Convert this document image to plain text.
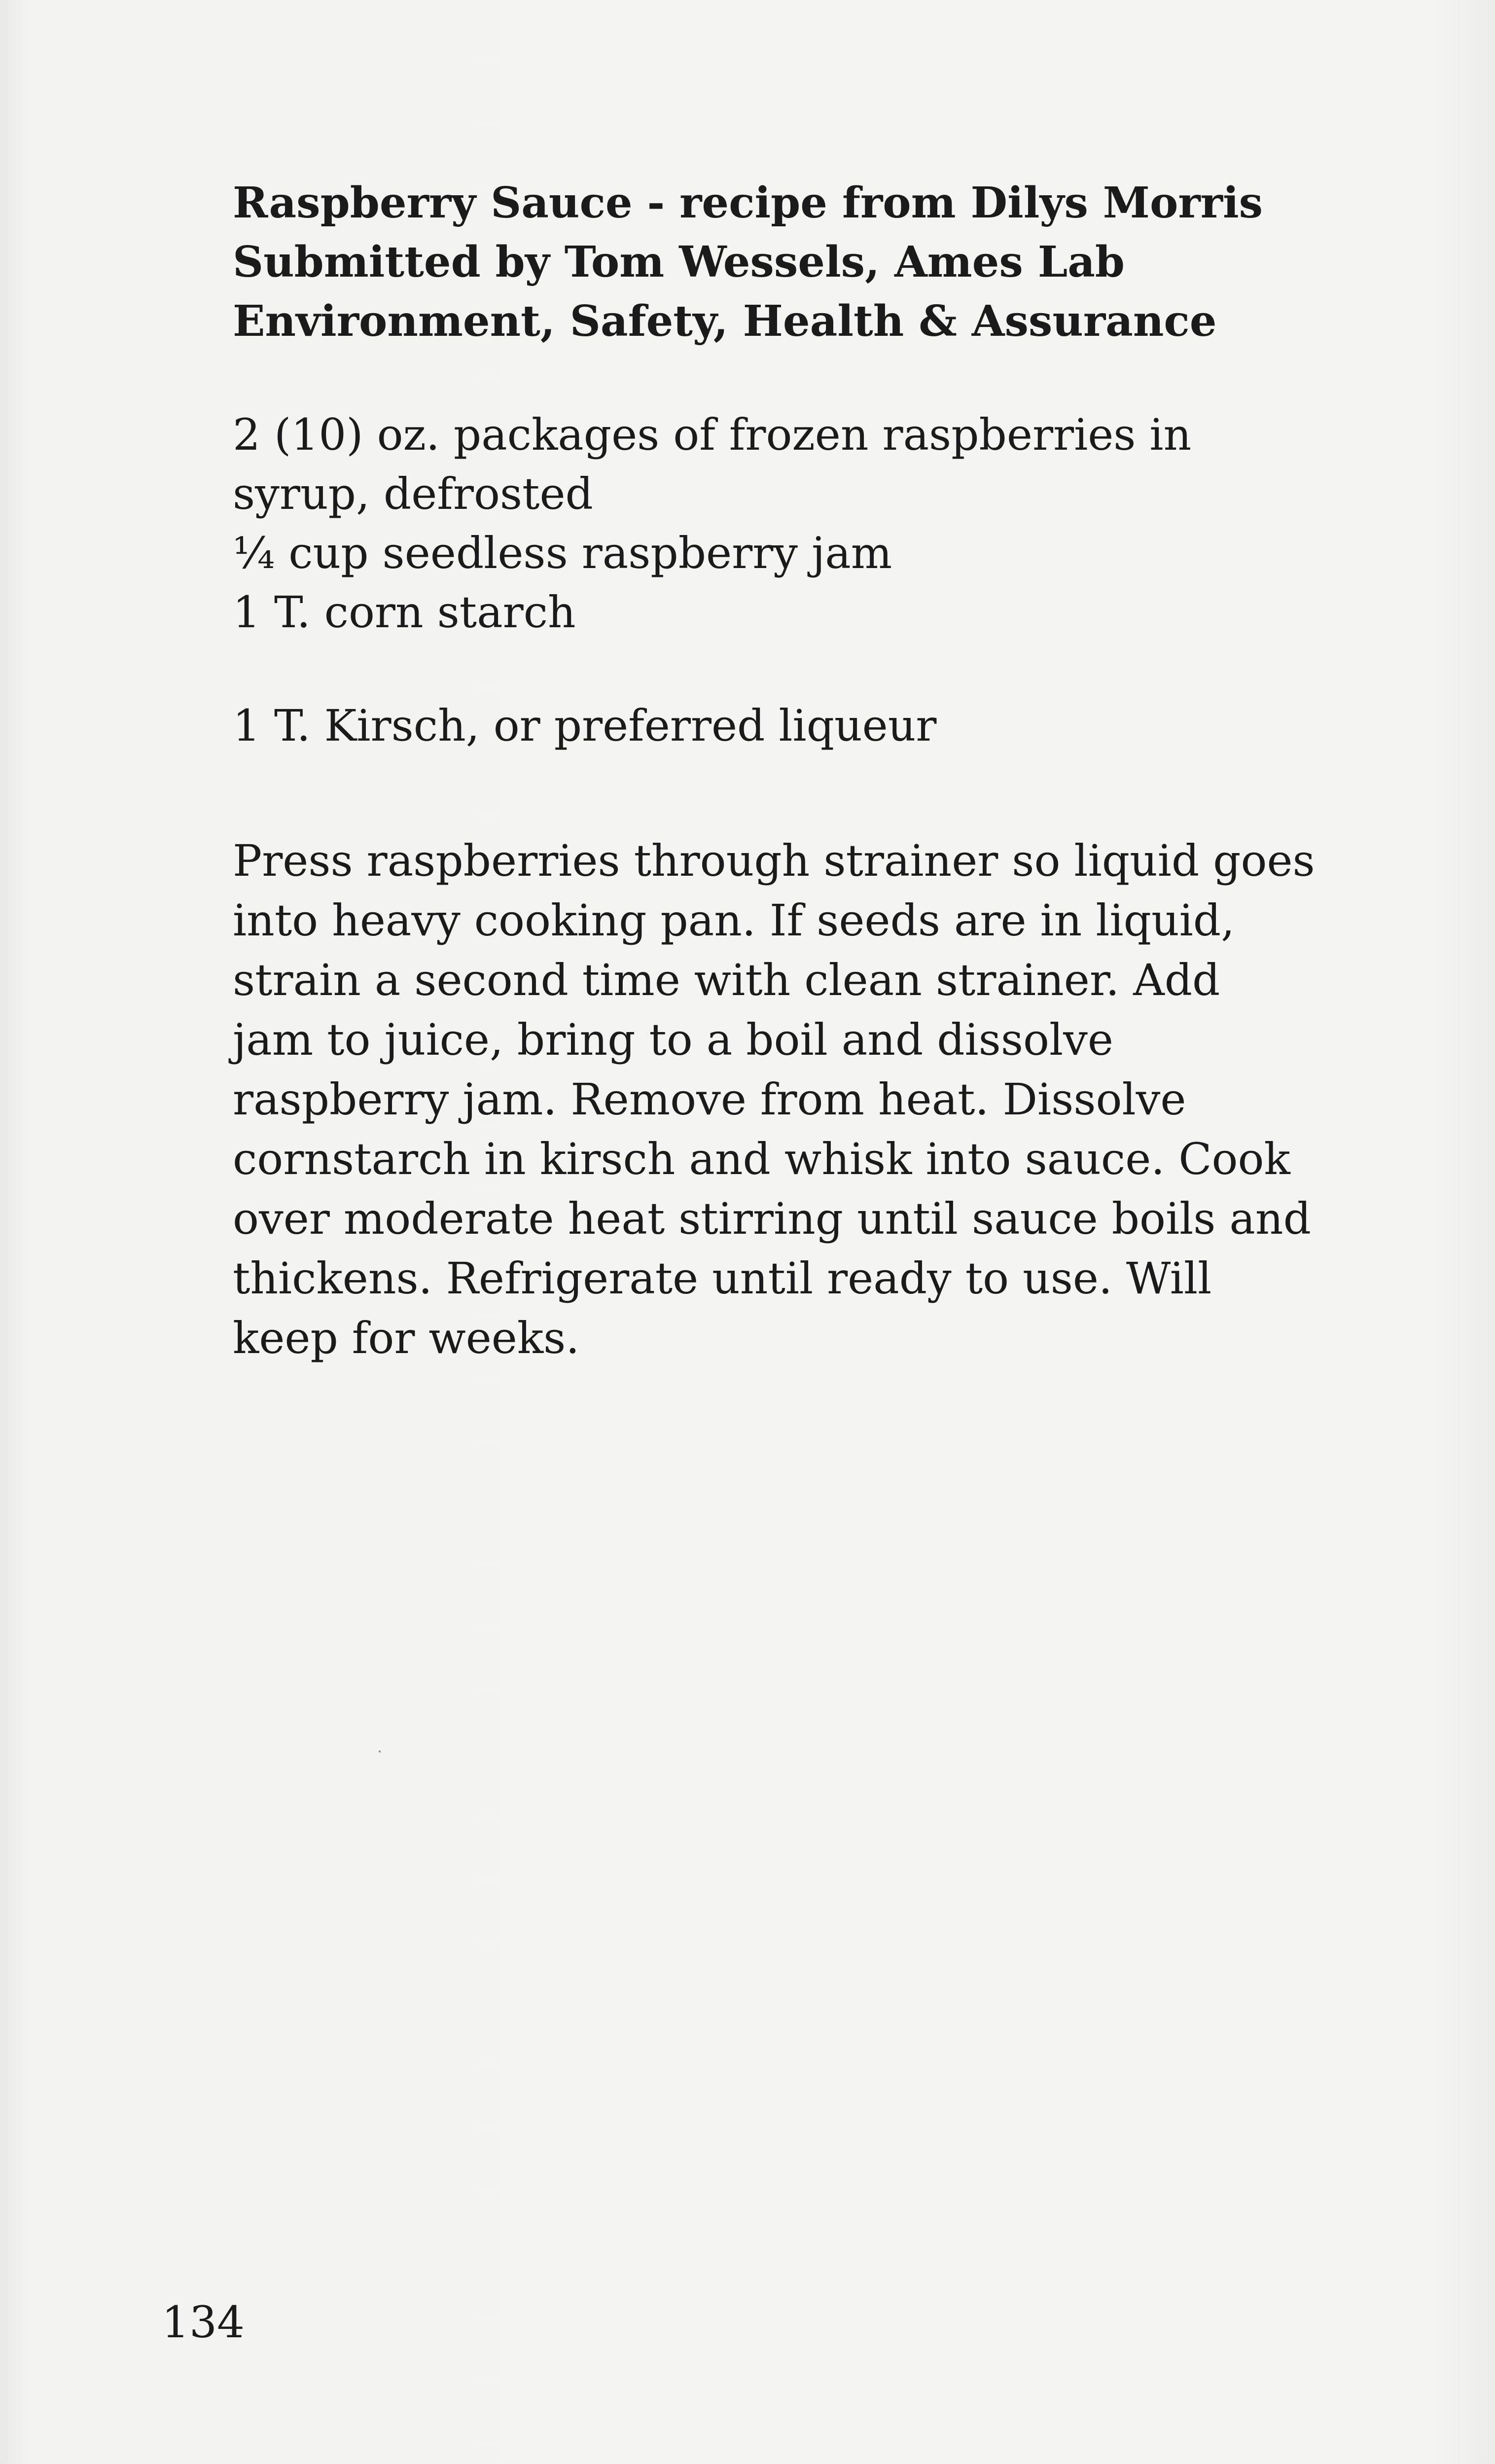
Raspberry Sauce - recipe from Dilys Morris
Submitted by Tom Wessels, Ames Lab
Environment, Safety, Health & Assurance
2 (10) oz. packages of frozen raspberries in
syrup, defrosted
¼ cup seedless raspberry jam
1 T. corn starch
1 T. Kirsch, or preferred liqueur
Press raspberries through strainer so liquid goes
into heavy cooking pan. If seeds are in liquid,
strain a second time with clean strainer. Add
jam to juice, bring to a boil and dissolve
raspberry jam. Remove from heat. Dissolve
cornstarch in kirsch and whisk into sauce. Cook
over moderate heat stirring until sauce boils and
thickens. Refrigerate until ready to use. Will
keep for weeks.
134
